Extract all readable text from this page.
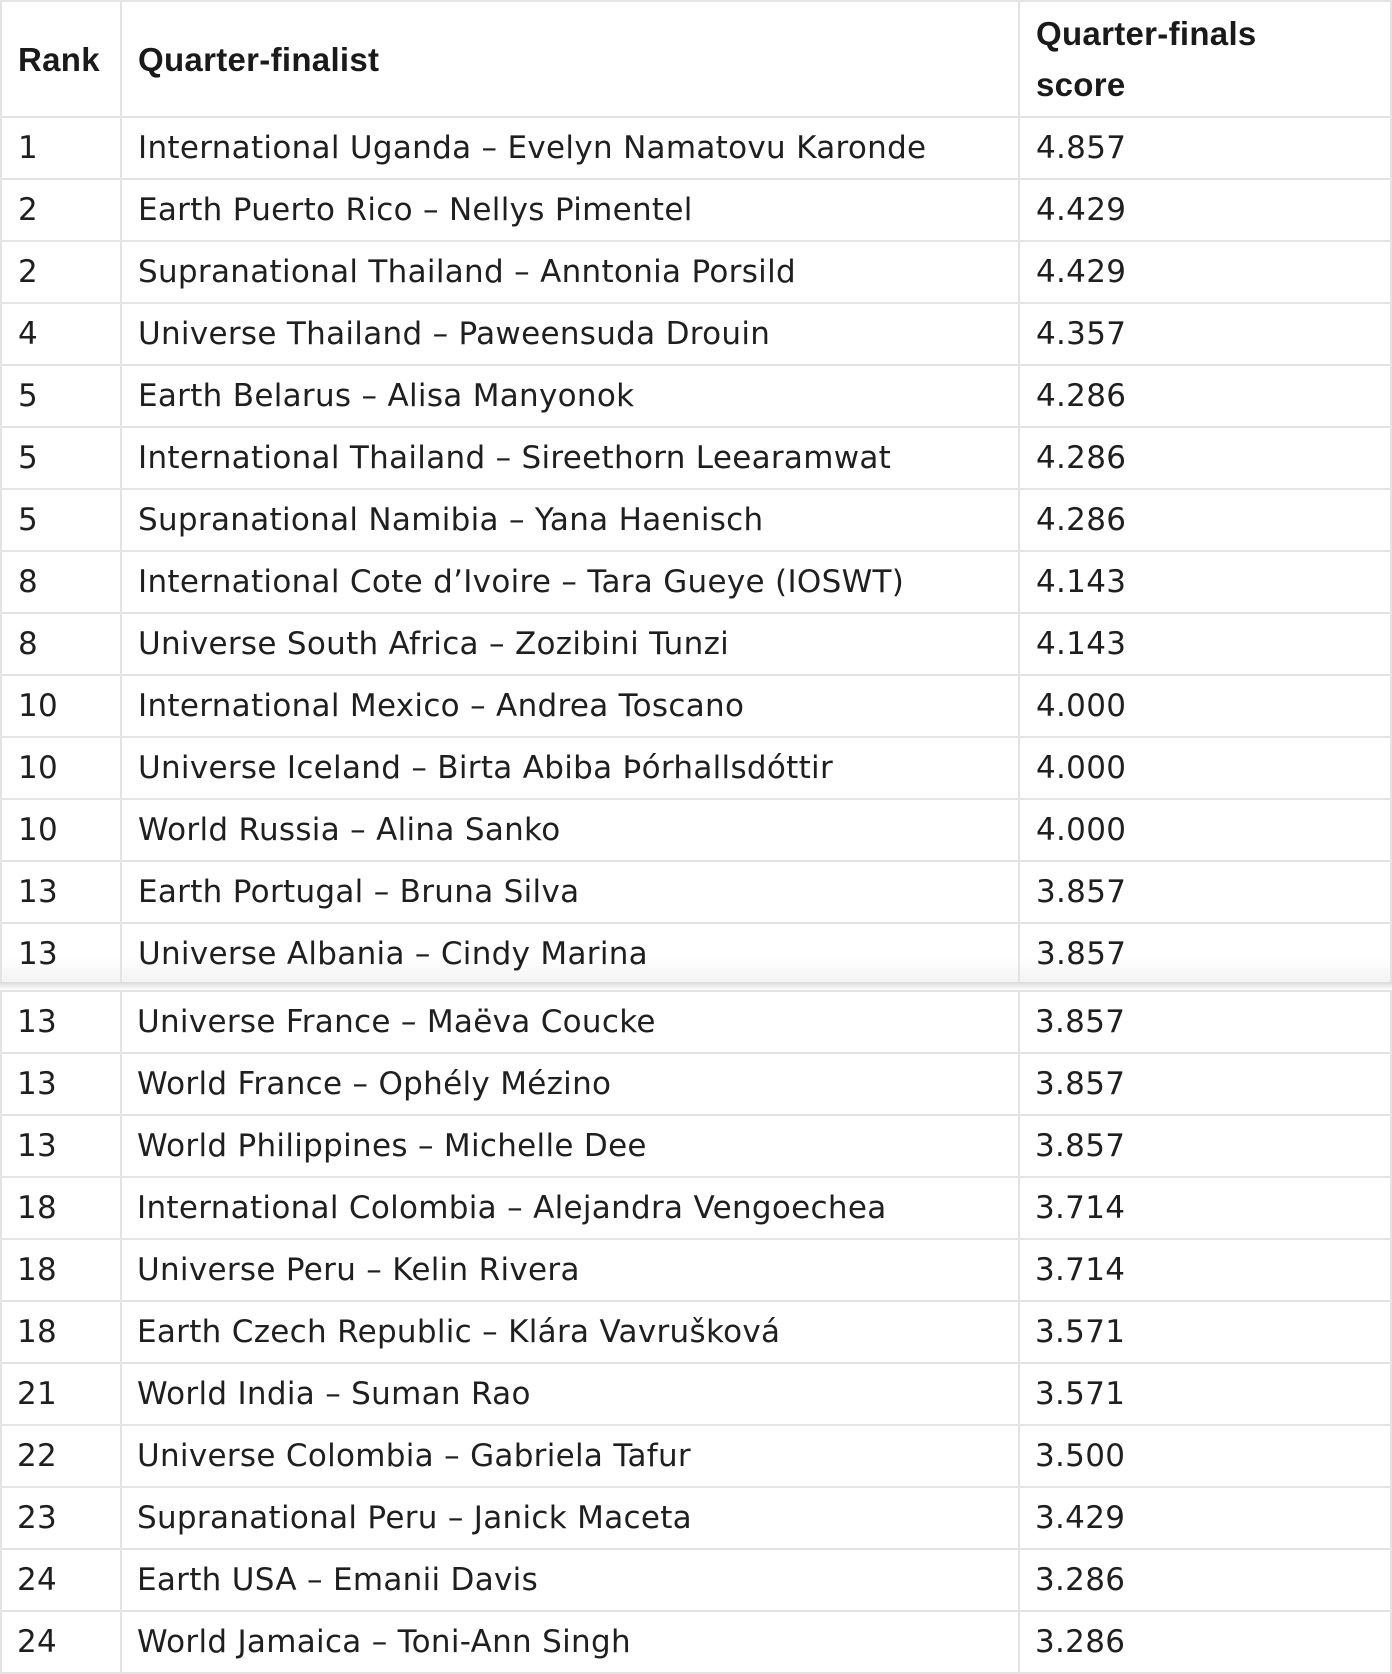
Rank	Quarter-finalist	Quarter-finals
score
1	International Uganda – Evelyn Namatovu Karonde	4.857
2	Earth Puerto Rico – Nellys Pimentel	4.429
2	Supranational Thailand – Anntonia Porsild	4.429
4	Universe Thailand – Paweensuda Drouin	4.357
5	Earth Belarus – Alisa Manyonok	4.286
5	International Thailand – Sireethorn Leearamwat	4.286
5	Supranational Namibia – Yana Haenisch	4.286
8	International Cote d’Ivoire – Tara Gueye (IOSWT)	4.143
8	Universe South Africa – Zozibini Tunzi	4.143
10	International Mexico – Andrea Toscano	4.000
10	Universe Iceland – Birta Abiba Þórhallsdóttir	4.000
10	World Russia – Alina Sanko	4.000
13	Earth Portugal – Bruna Silva	3.857
13	Universe Albania – Cindy Marina	3.857
13	Universe France – Maëva Coucke	3.857
13	World France – Ophély Mézino	3.857
13	World Philippines – Michelle Dee	3.857
18	International Colombia – Alejandra Vengoechea	3.714
18	Universe Peru – Kelin Rivera	3.714
18	Earth Czech Republic – Klára Vavrušková	3.571
21	World India – Suman Rao	3.571
22	Universe Colombia – Gabriela Tafur	3.500
23	Supranational Peru – Janick Maceta	3.429
24	Earth USA – Emanii Davis	3.286
24	World Jamaica – Toni-Ann Singh	3.286
